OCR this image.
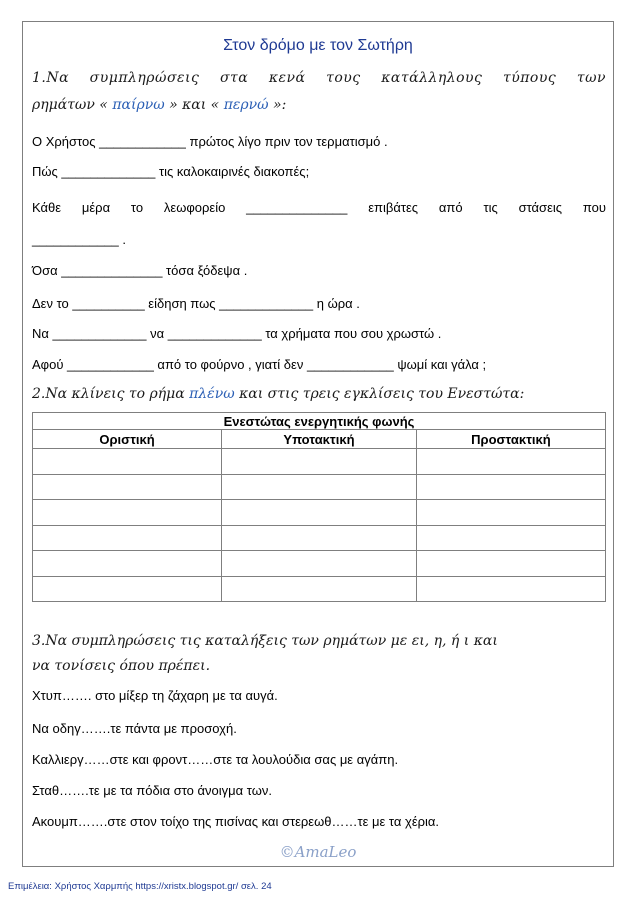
Στον δρόμο με τον Σωτήρη
1.Να συμπληρώσεις στα κενά τους κατάλληλους τύπους των
ρημάτων « παίρνω » και « περνώ »:
Ο Χρήστος ____________ πρώτος λίγο πριν τον τερματισμό .
Πώς _____________ τις καλοκαιρινές διακοπές;
Κάθε μέρα το λεωφορείο ______________ επιβάτες από τις στάσεις που
____________ .
Όσα ______________ τόσα ξόδεψα .
Δεν το __________ είδηση πως _____________ η ώρα .
Να _____________ να _____________ τα χρήματα που σου χρωστώ .
Αφού ____________ από το φούρνο , γιατί δεν ____________ ψωμί και γάλα ;
2.Να κλίνεις το ρήμα πλένω και στις τρεις εγκλίσεις του Ενεστώτα:
Ενεστώτας ενεργητικής φωνής		
Οριστική	Υποτακτική	Προστακτική

3.Να συμπληρώσεις τις καταλήξεις των ρημάτων με ει, η, ή ι και
να τονίσεις όπου πρέπει.
Χτυπ……. στο μίξερ τη ζάχαρη με τα αυγά.
Να οδηγ…….τε πάντα με προσοχή.
Καλλιεργ……στε και φροντ……στε τα λουλούδια σας με αγάπη.
Σταθ…….τε με τα πόδια στο άνοιγμα των.
Ακουμπ…….στε στον τοίχο της πισίνας και στερεωθ……τε με τα χέρια.
©AmaLeo
Επιμέλεια: Χρήστος Χαρμπής https://xristx.blogspot.gr/ σελ. 24
